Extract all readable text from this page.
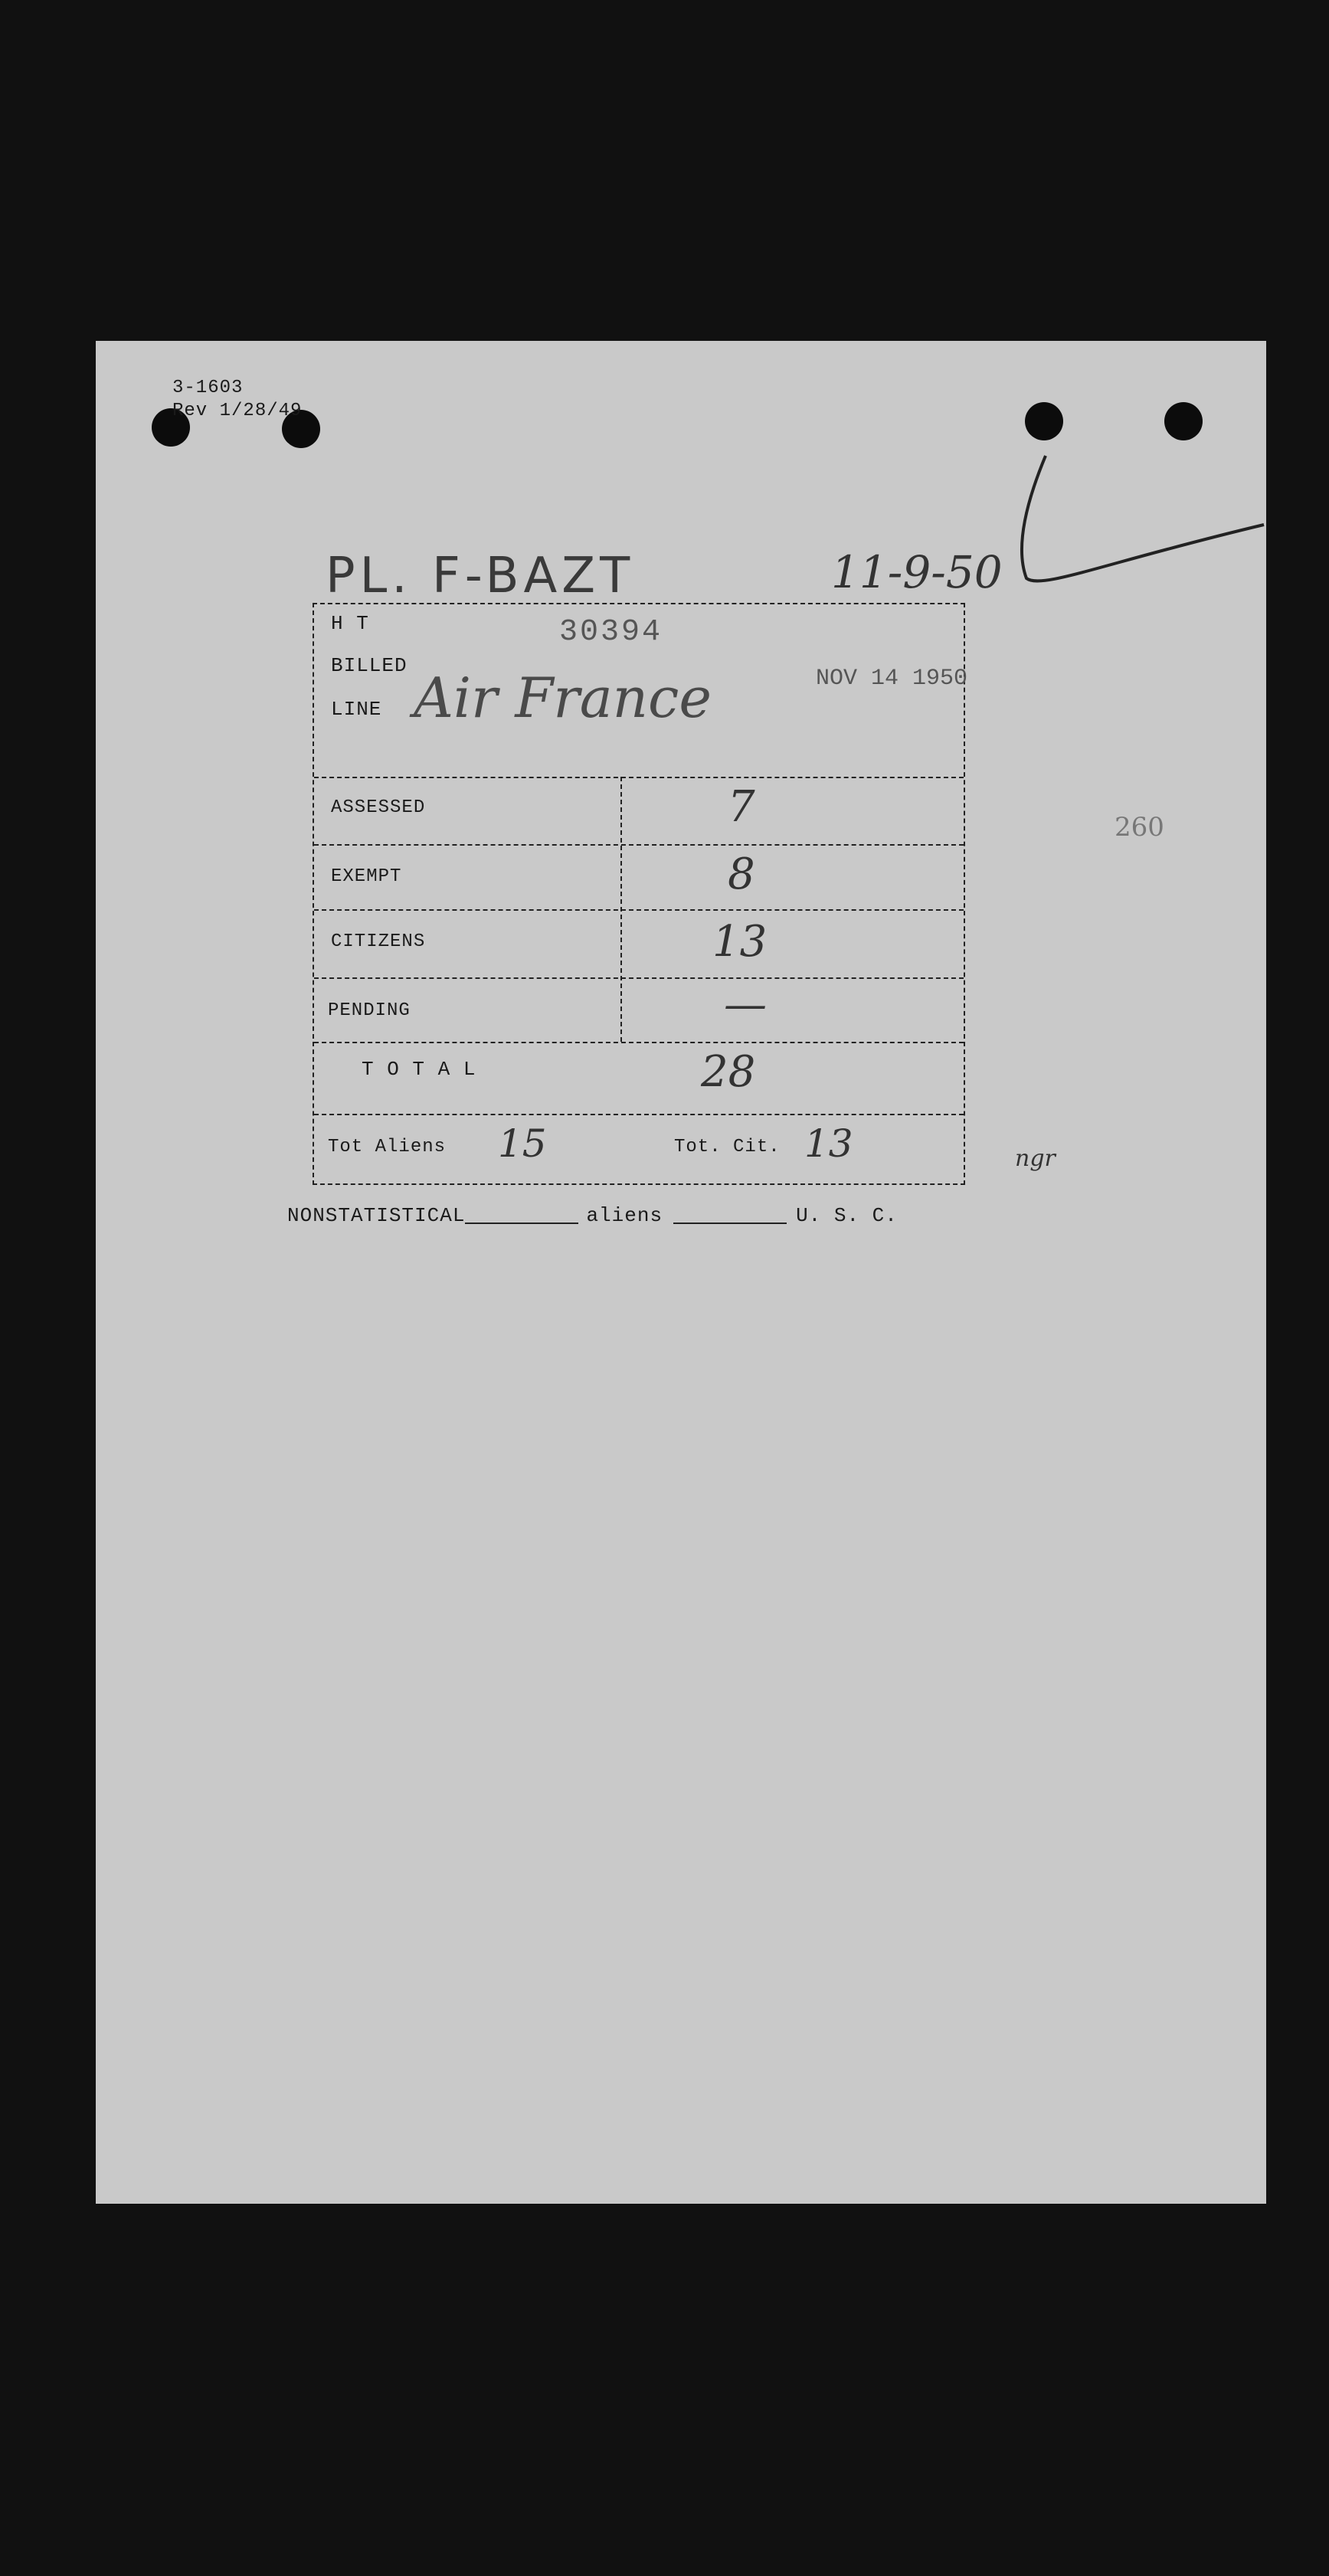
3-1603
Rev 1/28/49
PL. F-BAZT	11-9-50
260
ngr
NONSTATISTICAL	aliens	U. S. C.
H T	30394
BILLED
LINE Air France	NOV 14 1950
ASSESSED	7
EXEMPT	8
CITIZENS	13
PENDING	—
T O T A L	28
Tot Aliens 15	Tot. Cit. 13
